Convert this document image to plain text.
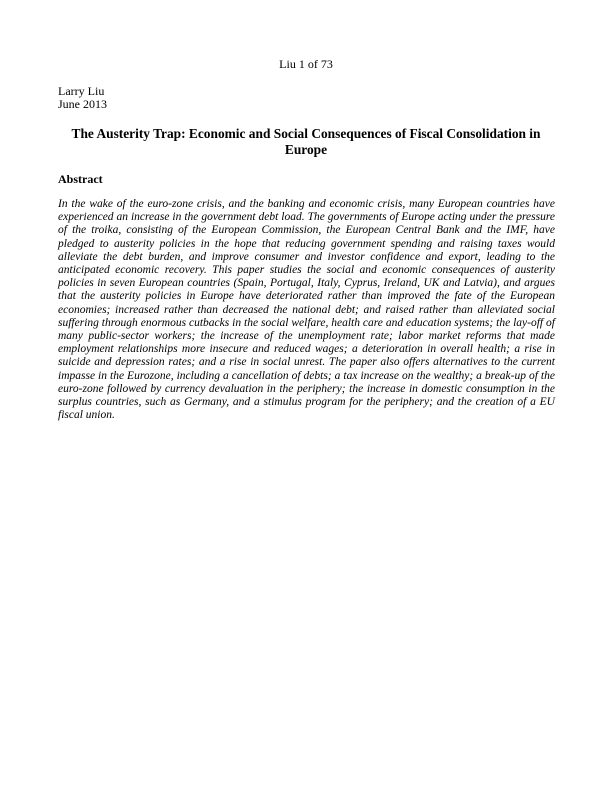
Liu 1 of 73
Larry Liu
June 2013
The Austerity Trap: Economic and Social Consequences of Fiscal Consolidation in Europe
Abstract
In the wake of the euro-zone crisis, and the banking and economic crisis, many European countries have experienced an increase in the government debt load. The governments of Europe acting under the pressure of the troika, consisting of the European Commission, the European Central Bank and the IMF, have pledged to austerity policies in the hope that reducing government spending and raising taxes would alleviate the debt burden, and improve consumer and investor confidence and export, leading to the anticipated economic recovery. This paper studies the social and economic consequences of austerity policies in seven European countries (Spain, Portugal, Italy, Cyprus, Ireland, UK and Latvia), and argues that the austerity policies in Europe have deteriorated rather than improved the fate of the European economies; increased rather than decreased the national debt; and raised rather than alleviated social suffering through enormous cutbacks in the social welfare, health care and education systems; the lay-off of many public-sector workers; the increase of the unemployment rate; labor market reforms that made employment relationships more insecure and reduced wages; a deterioration in overall health; a rise in suicide and depression rates; and a rise in social unrest. The paper also offers alternatives to the current impasse in the Eurozone, including a cancellation of debts; a tax increase on the wealthy; a break-up of the euro-zone followed by currency devaluation in the periphery; the increase in domestic consumption in the surplus countries, such as Germany, and a stimulus program for the periphery; and the creation of a EU fiscal union.
